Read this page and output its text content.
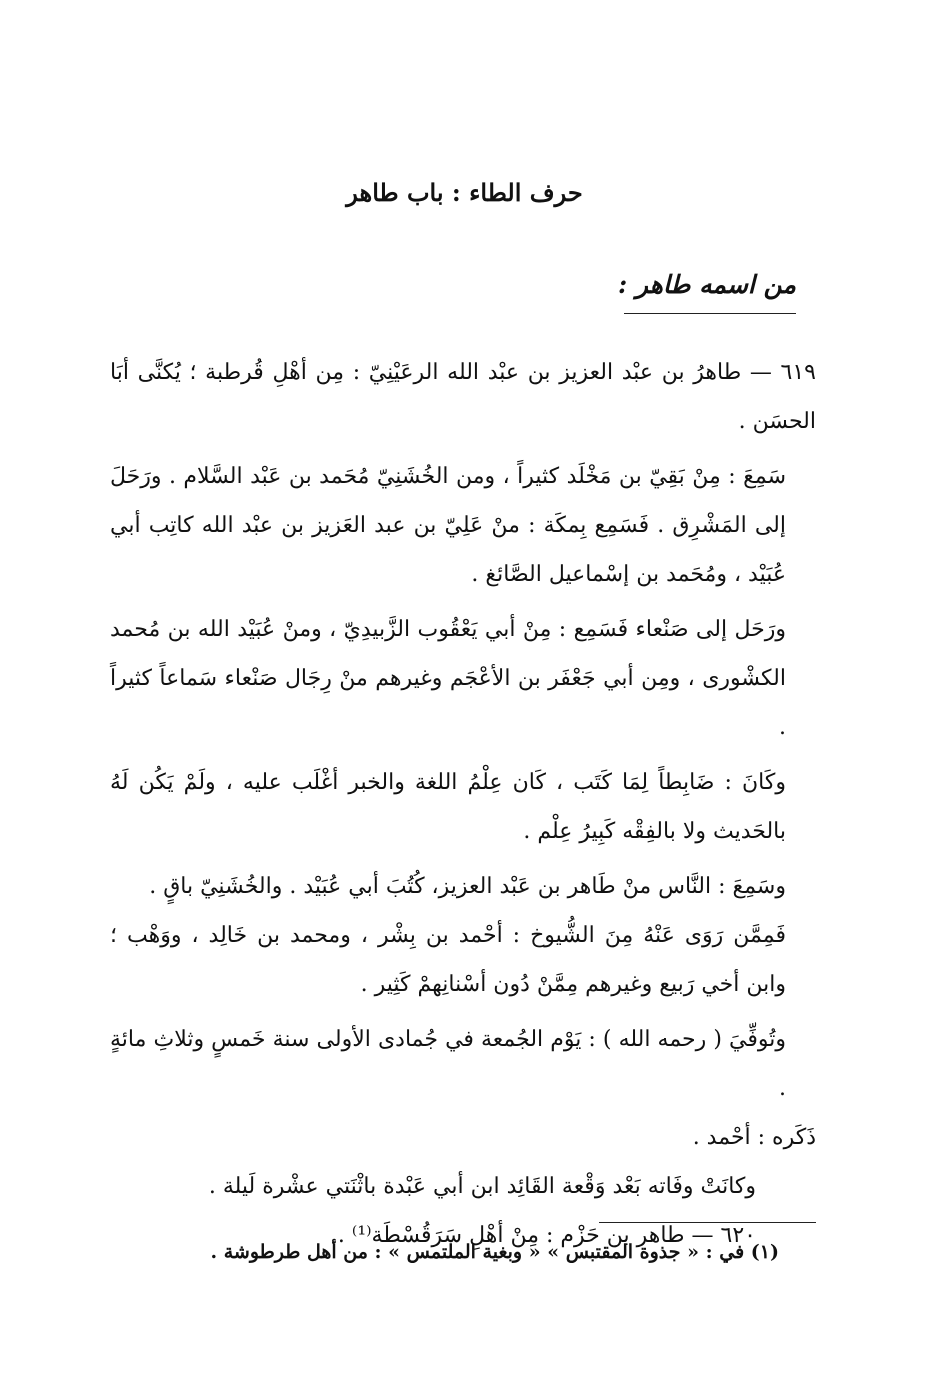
حرف الطاء : باب طاهر
من اسمه طاهر :

٦١٩ — طاهرُ بن عبْد العزيز بن عبْد الله الرعَيْنِيّ : مِن أهْلِ قُرطبة ؛ يُكنَّى أبَا الحسَن .

سَمِعَ : مِنْ بَقِيّ بن مَخْلَد كثيراً ، ومن الخُشَنِيّ مُحَمد بن عَبْد السَّلام . ورَحَلَ إلى المَشْرِق . فَسَمِع بِمكَة : منْ عَلِيّ بن عبد العَزيز بن عبْد الله كاتِب أبي عُبَيْد ، ومُحَمد بن إسْماعيل الصَّائغ .

ورَحَل إلى صَنْعاء فَسَمِع : مِنْ أبي يَعْقُوب الزَّبيدِيّ ، ومنْ عُبَيْد الله بن مُحمد الكشْورى ، ومِن أبي جَعْفَر بن الأعْجَم وغيرهم منْ رِجَال صَنْعاء سَماعاً كثيراً .

وكَانَ : ضَابِطاً لِمَا كَتَب ، كَان عِلْمُ اللغة والخبر أغْلَب عليه ، ولَمْ يَكُن لَهُ بالحَديث ولا بالفِقْه كَبِيرُ عِلْم .

وسَمِعَ : النَّاس منْ طَاهر بن عَبْد العزيز، كُتُبَ أبي عُبَيْد . والخُشَنِيّ باقٍ .

فَمِمَّن رَوَى عَنْهُ مِنَ الشُّيوخ : أحْمد بن بِشْر ، ومحمد بن خَالِد ، ووَهْب ؛ وابن أخي رَبيع وغيرهم مِمَّنْ دُون أسْنانِهمْ كَثِير .

وتُوفِّيَ ( رحمه الله ) : يَوْم الجُمعة في جُمادى الأولى سنة خَمسٍ وثلاثِ مائةٍ .

ذَكَره : أحْمد .

وكانَتْ وفَاته بَعْد وَقْعة القَائِد ابن أبي عَبْدة باثْنَتي عشْرة لَيلة .

٦٢٠ — طاهر بن حَزْم : مِنْ أهْلِ سَرَقُسْطَة⁽¹⁾ .

(١) في : « جذوة المقتبس » « وبغية الملتمس » : من أهل طرطوشة .
